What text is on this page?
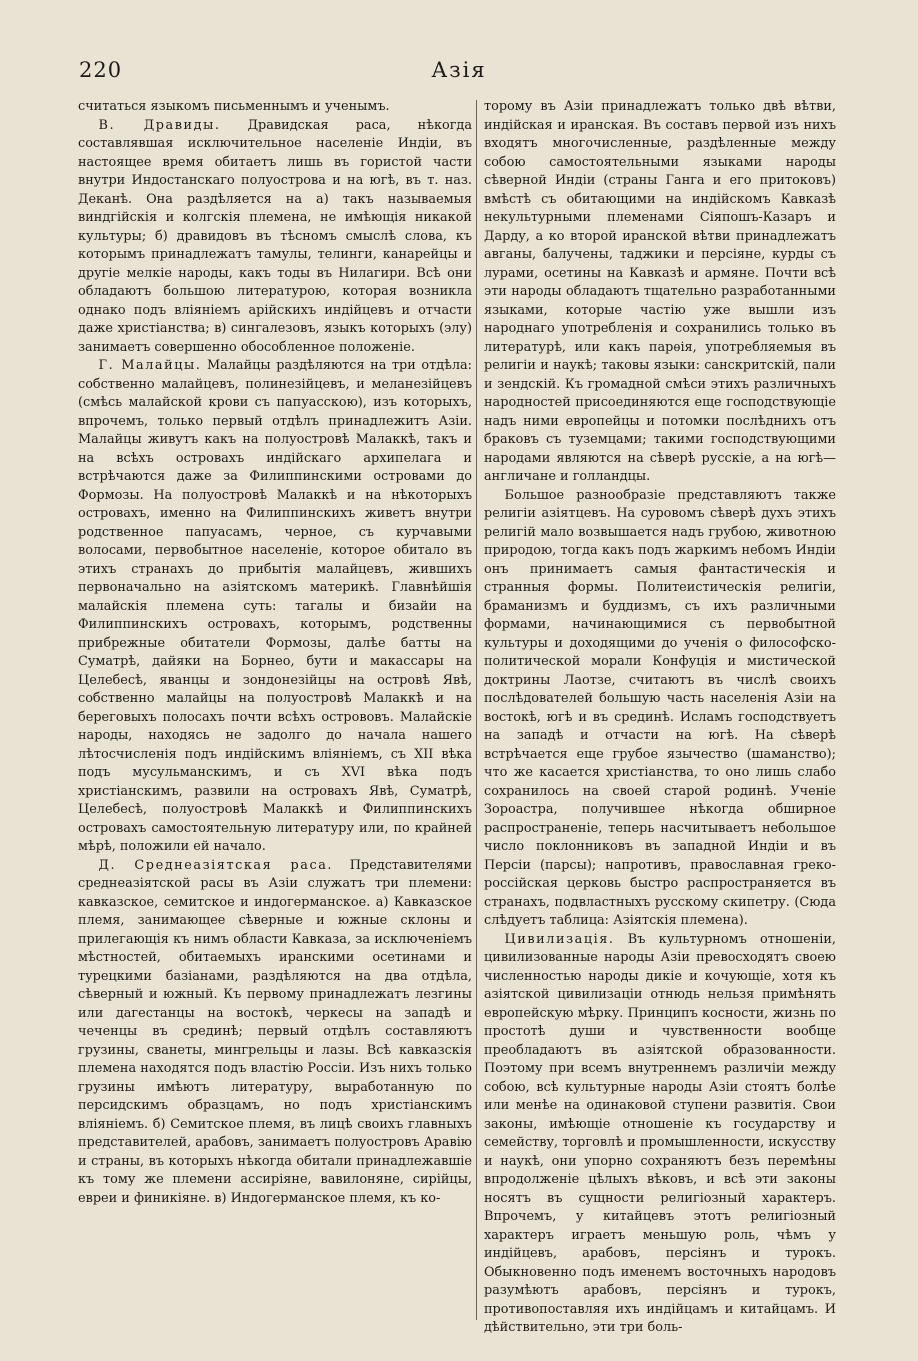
220	Азія

считаться языкомъ письменнымъ и ученымъ.

В. Дравиды. Дравидская раса, нѣкогда составлявшая исключительное населеніе Индіи, въ настоящее время обитаетъ лишь въ гористой части внутри Индостанскаго полуострова и на югѣ, въ т. наз. Деканѣ. Она раздѣляется на а) такъ называемыя виндгійскія и колгскія племена, не имѣющія никакой культуры; б) дравидовъ въ тѣсномъ смыслѣ слова, къ которымъ принадлежатъ тамулы, телинги, канарейцы и другіе мелкіе народы, какъ тоды въ Нилагири. Всѣ они обладаютъ большою литературою, которая возникла однако подъ вліяніемъ арійскихъ индійцевъ и отчасти даже христіанства; в) сингалезовъ, языкъ которыхъ (элу) занимаетъ совершенно обособленное положеніе.

Г. Малайцы. Малайцы раздѣляются на три отдѣла: собственно малайцевъ, полинезійцевъ, и меланезійцевъ (смѣсь малайской крови съ папуасскою), изъ которыхъ, впрочемъ, только первый отдѣлъ принадлежитъ Азіи. Малайцы живутъ какъ на полуостровѣ Малаккѣ, такъ и на всѣхъ островахъ индійскаго архипелага и встрѣчаются даже за Филиппинскими островами до Формозы. На полуостровѣ Малаккѣ и на нѣкоторыхъ островахъ, именно на Филиппинскихъ живетъ внутри родственное папуасамъ, черное, съ курчавыми волосами, первобытное населеніе, которое обитало въ этихъ странахъ до прибытія малайцевъ, жившихъ первоначально на азіятскомъ материкѣ. Главнѣйшія малайскія племена суть: тагалы и бизайи на Филиппинскихъ островахъ, которымъ, родственны прибрежные обитатели Формозы, далѣе батты на Суматрѣ, дайяки на Борнео, бути и макассары на Целебесѣ, яванцы и зондонезійцы на островѣ Явѣ, собственно малайцы на полуостровѣ Малаккѣ и на береговыхъ полосахъ почти всѣхъ острововъ. Малайскіе народы, находясь не задолго до начала нашего лѣтосчисленія подъ индійскимъ вліяніемъ, съ XII вѣка подъ мусульманскимъ, и съ XVI вѣка подъ христіанскимъ, развили на островахъ Явѣ, Суматрѣ, Целебесѣ, полуостровѣ Малаккѣ и Филиппинскихъ островахъ самостоятельную литературу или, по крайней мѣрѣ, положили ей начало.

Д. Среднеазіятская раса. Представителями среднеазіятской расы въ Азіи служатъ три племени: кавказское, семитское и индогерманское. а) Кавказское племя, занимающее сѣверные и южные склоны и прилегающія къ нимъ области Кавказа, за исключеніемъ мѣстностей, обитаемыхъ иранскими осетинами и турецкими базіанами, раздѣляются на два отдѣла, сѣверный и южный. Къ первому принадлежатъ лезгины или дагестанцы на востокѣ, черкесы на западѣ и чеченцы въ срединѣ; первый отдѣлъ составляютъ грузины, сванеты, мингрельцы и лазы. Всѣ кавказскія племена находятся подъ властію Россіи. Изъ нихъ только грузины имѣютъ литературу, выработанную по персидскимъ образцамъ, но подъ христіанскимъ вліяніемъ. б) Семитское племя, въ лицѣ своихъ главныхъ представителей, арабовъ, занимаетъ полуостровъ Аравію и страны, въ которыхъ нѣкогда обитали принадлежавшіе къ тому же племени ассиріяне, вавилоняне, сирійцы, евреи и финикіяне. в) Индогерманское племя, къ ко-

торому въ Азіи принадлежатъ только двѣ вѣтви, индійская и иранская. Въ составъ первой изъ нихъ входятъ многочисленные, раздѣленные между собою самостоятельными языками народы сѣверной Индіи (страны Ганга и его притоковъ) вмѣстѣ съ обитающими на индійскомъ Кавказѣ некультурными племенами Сіяпошъ-Казаръ и Дарду, а ко второй иранской вѣтви принадлежатъ авганы, балучены, таджики и персіяне, курды съ лурами, осетины на Кавказѣ и армяне. Почти всѣ эти народы обладаютъ тщательно разработанными языками, которые частію уже вышли изъ народнаго употребленія и сохранились только въ литературѣ, или какъ парѳія, употребляемыя въ религіи и наукѣ; таковы языки: санскритскій, пали и зендскій. Къ громадной смѣси этихъ различныхъ народностей присоединяются еще господствующіе надъ ними европейцы и потомки послѣднихъ отъ браковъ съ туземцами; такими господствующими народами являются на сѣверѣ русскіе, а на югѣ—англичане и голландцы.

Большое разнообразіе представляютъ также религіи азіятцевъ. На суровомъ сѣверѣ духъ этихъ религій мало возвышается надъ грубою, животною природою, тогда какъ подъ жаркимъ небомъ Индіи онъ принимаетъ самыя фантастическія и странныя формы. Политеистическія религіи, браманизмъ и буддизмъ, съ ихъ различными формами, начинающимися съ первобытной культуры и доходящими до ученія о философско-политической морали Конфуція и мистической доктрины Лаотзе, считаютъ въ числѣ своихъ послѣдователей большую часть населенія Азіи на востокѣ, югѣ и въ срединѣ. Исламъ господствуетъ на западѣ и отчасти на югѣ. На сѣверѣ встрѣчается еще грубое язычество (шаманство); что же касается христіанства, то оно лишь слабо сохранилось на своей старой родинѣ. Ученіе Зороастра, получившее нѣкогда обширное распространеніе, теперь насчитываетъ небольшое число поклонниковъ въ западной Индіи и въ Персіи (парсы); напротивъ, православная греко-россійская церковь быстро распространяется въ странахъ, подвластныхъ русскому скипетру. (Сюда слѣдуетъ таблица: Азіятскія племена).

Цивилизація. Въ культурномъ отношеніи, цивилизованные народы Азіи превосходятъ своею численностью народы дикіе и кочующіе, хотя къ азіятской цивилизаціи отнюдь нельзя примѣнять европейскую мѣрку. Принципъ косности, жизнь по простотѣ души и чувственности вообще преобладаютъ въ азіятской образованности. Поэтому при всемъ внутреннемъ различіи между собою, всѣ культурные народы Азіи стоятъ болѣе или менѣе на одинаковой ступени развитія. Свои законы, имѣющіе отношеніе къ государству и семейству, торговлѣ и промышленности, искусству и наукѣ, они упорно сохраняютъ безъ перемѣны впродолженіе цѣлыхъ вѣковъ, и всѣ эти законы носятъ въ сущности религіозный характеръ. Впрочемъ, у китайцевъ этотъ религіозный характеръ играетъ меньшую роль, чѣмъ у индійцевъ, арабовъ, персіянъ и турокъ. Обыкновенно подъ именемъ восточныхъ народовъ разумѣютъ арабовъ, персіянъ и турокъ, противопоставляя ихъ индійцамъ и китайцамъ. И дѣйствительно, эти три боль-
